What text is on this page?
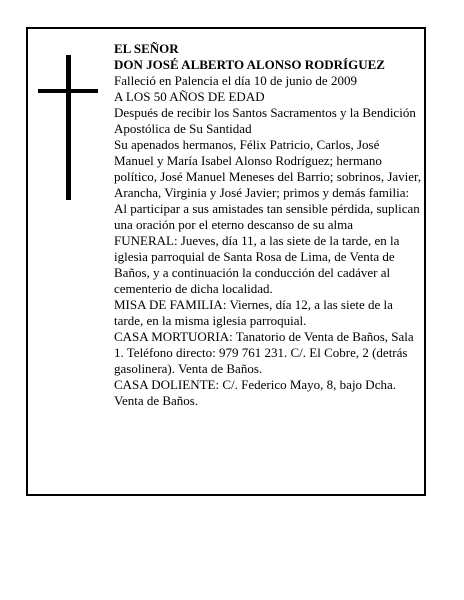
EL SEÑOR

DON JOSÉ ALBERTO ALONSO RODRÍGUEZ

Falleció en Palencia el día 10 de junio de 2009

A LOS 50 AÑOS DE EDAD

Después de recibir los Santos Sacramentos y la Bendición Apostólica de Su Santidad

Su apenados hermanos, Félix Patricio, Carlos, José Manuel y María Isabel Alonso Rodríguez; hermano político, José Manuel Meneses del Barrio; sobrinos, Javier, Arancha, Virginia y José Javier; primos y demás familia:

Al participar a sus amistades tan sensible pérdida, suplican una oración por el eterno descanso de su alma

FUNERAL: Jueves, día 11, a las siete de la tarde, en la iglesia parroquial de Santa Rosa de Lima, de Venta de Baños, y a continuación la conducción del cadáver al cementerio de dicha localidad.

MISA DE FAMILIA: Viernes, día 12, a las siete de la tarde, en la misma iglesia parroquial.

CASA MORTUORIA: Tanatorio de Venta de Baños, Sala 1. Teléfono directo: 979 761 231. C/. El Cobre, 2 (detrás gasolinera). Venta de Baños.

CASA DOLIENTE: C/. Federico Mayo, 8, bajo Dcha. Venta de Baños.
